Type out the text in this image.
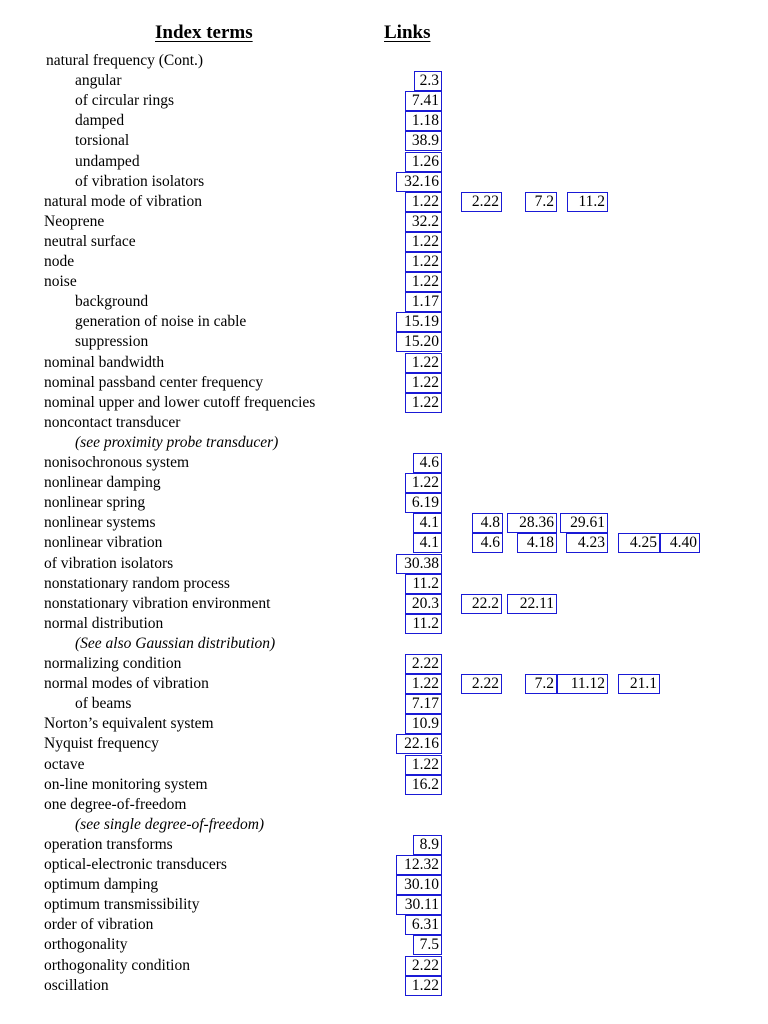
Index terms	Links

natural frequency (Cont.)

angular	2.3

of circular rings	7.41

damped	1.18

torsional	38.9

undamped	1.26

of vibration isolators	32.16

natural mode of vibration	1.22	2.22	7.2	11.2

Neoprene	32.2

neutral surface	1.22

node	1.22

noise	1.22

background	1.17

generation of noise in cable	15.19

suppression	15.20

nominal bandwidth	1.22

nominal passband center frequency	1.22

nominal upper and lower cutoff frequencies	1.22

noncontact transducer

(see proximity probe transducer)

nonisochronous system	4.6

nonlinear damping	1.22

nonlinear spring	6.19

nonlinear systems	4.1	4.8	28.36	29.61

nonlinear vibration	4.1	4.6	4.18	4.23	4.25 4.40

of vibration isolators	30.38

nonstationary random process	11.2

nonstationary vibration environment	20.3	22.2	22.11

normal distribution	11.2

(See also Gaussian distribution)

normalizing condition	2.22

normal modes of vibration	1.22	2.22	7.2	11.12	21.1

of beams	7.17

Norton’s equivalent system	10.9

Nyquist frequency	22.16

octave	1.22

on-line monitoring system	16.2

one degree-of-freedom

(see single degree-of-freedom)

operation transforms	8.9

optical-electronic transducers	12.32

optimum damping	30.10

optimum transmissibility	30.11

order of vibration	6.31

orthogonality	7.5

orthogonality condition	2.22

oscillation	1.22
